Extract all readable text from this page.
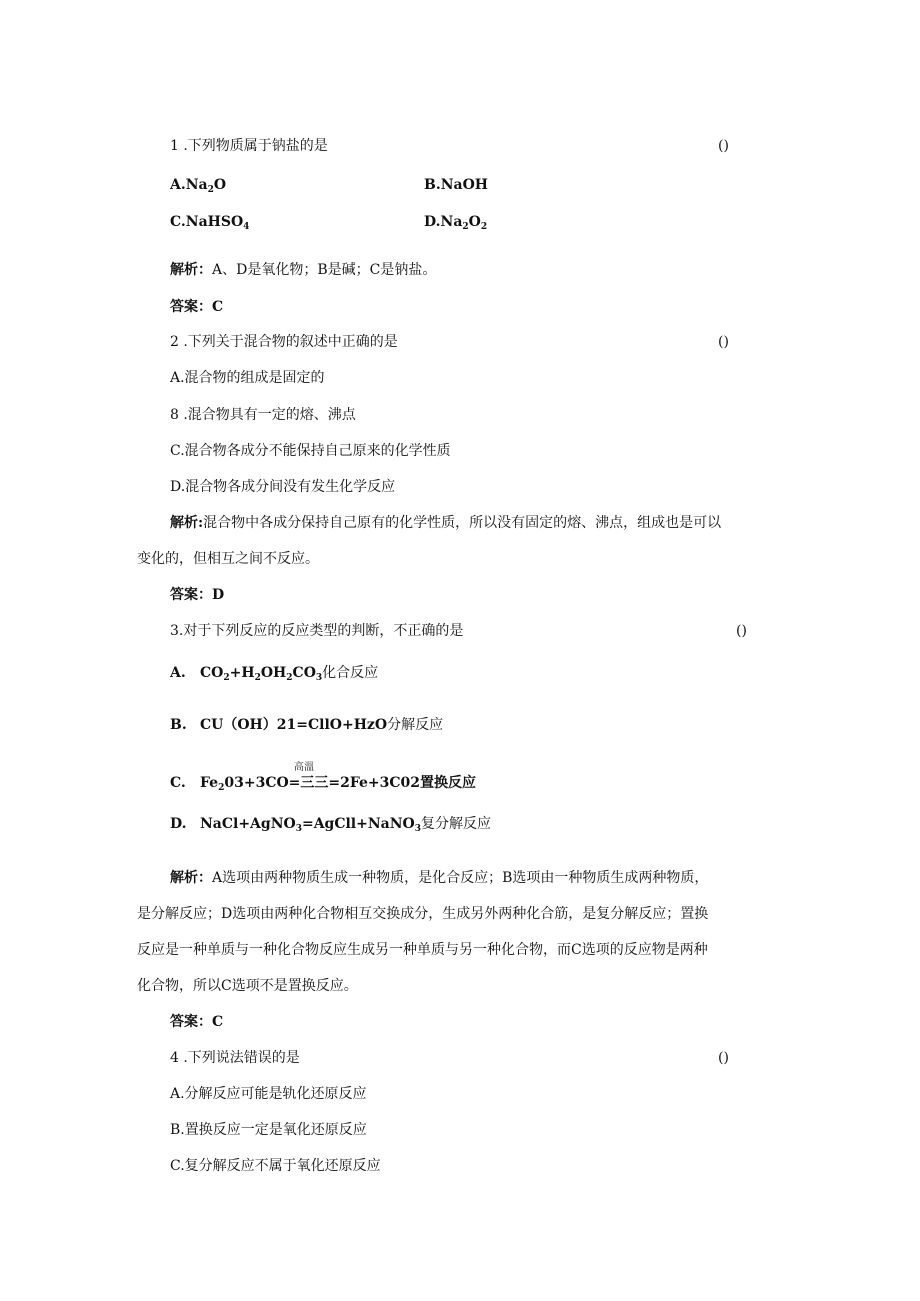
1 .下列物质属于钠盐的是	()
$A.Na_2O$	B.NaOH
C.NaHSO$_4$	$D.Na_2O_2$
解析：A、D是氧化物；B是碱；C是钠盐。
答案：C
2 .下列关于混合物的叙述中正确的是	()
A.混合物的组成是固定的
8 .混合物具有一定的熔、沸点
C.混合物各成分不能保持自己原来的化学性质
D.混合物各成分间没有发生化学反应
解析:混合物中各成分保持自己原有的化学性质，所以没有固定的熔、沸点，组成也是可以
变化的，但相互之间不反应。
答案：D
3.对于下列反应的反应类型的判断，不正确的是	()
A. $CO_2+H_2OH_2CO_3$化合反应
B. CU（OH）21=CllO+HzO分解反应
高溫
C. $Fe_203+3CO=$三三=2Fe+3C02置换反应
D. NaCl+AgNO$_3$=AgCll+NaNO$_3$复分解反应
解析：A选项由两种物质生成一种物质，是化合反应；B选项由一种物质生成两种物质，
是分解反应；D选项由两种化合物相互交换成分，生成另外两种化合筋，是复分解反应；置换
反应是一种单质与一种化合物反应生成另一种单质与另一种化合物，而C选项的反应物是两种
化合物，所以C选项不是置换反应。
答案：C
4 .下列说法错误的是	()
A.分解反应可能是轨化还原反应
B.置换反应一定是氧化还原反应
C.复分解反应不属于氧化还原反应
